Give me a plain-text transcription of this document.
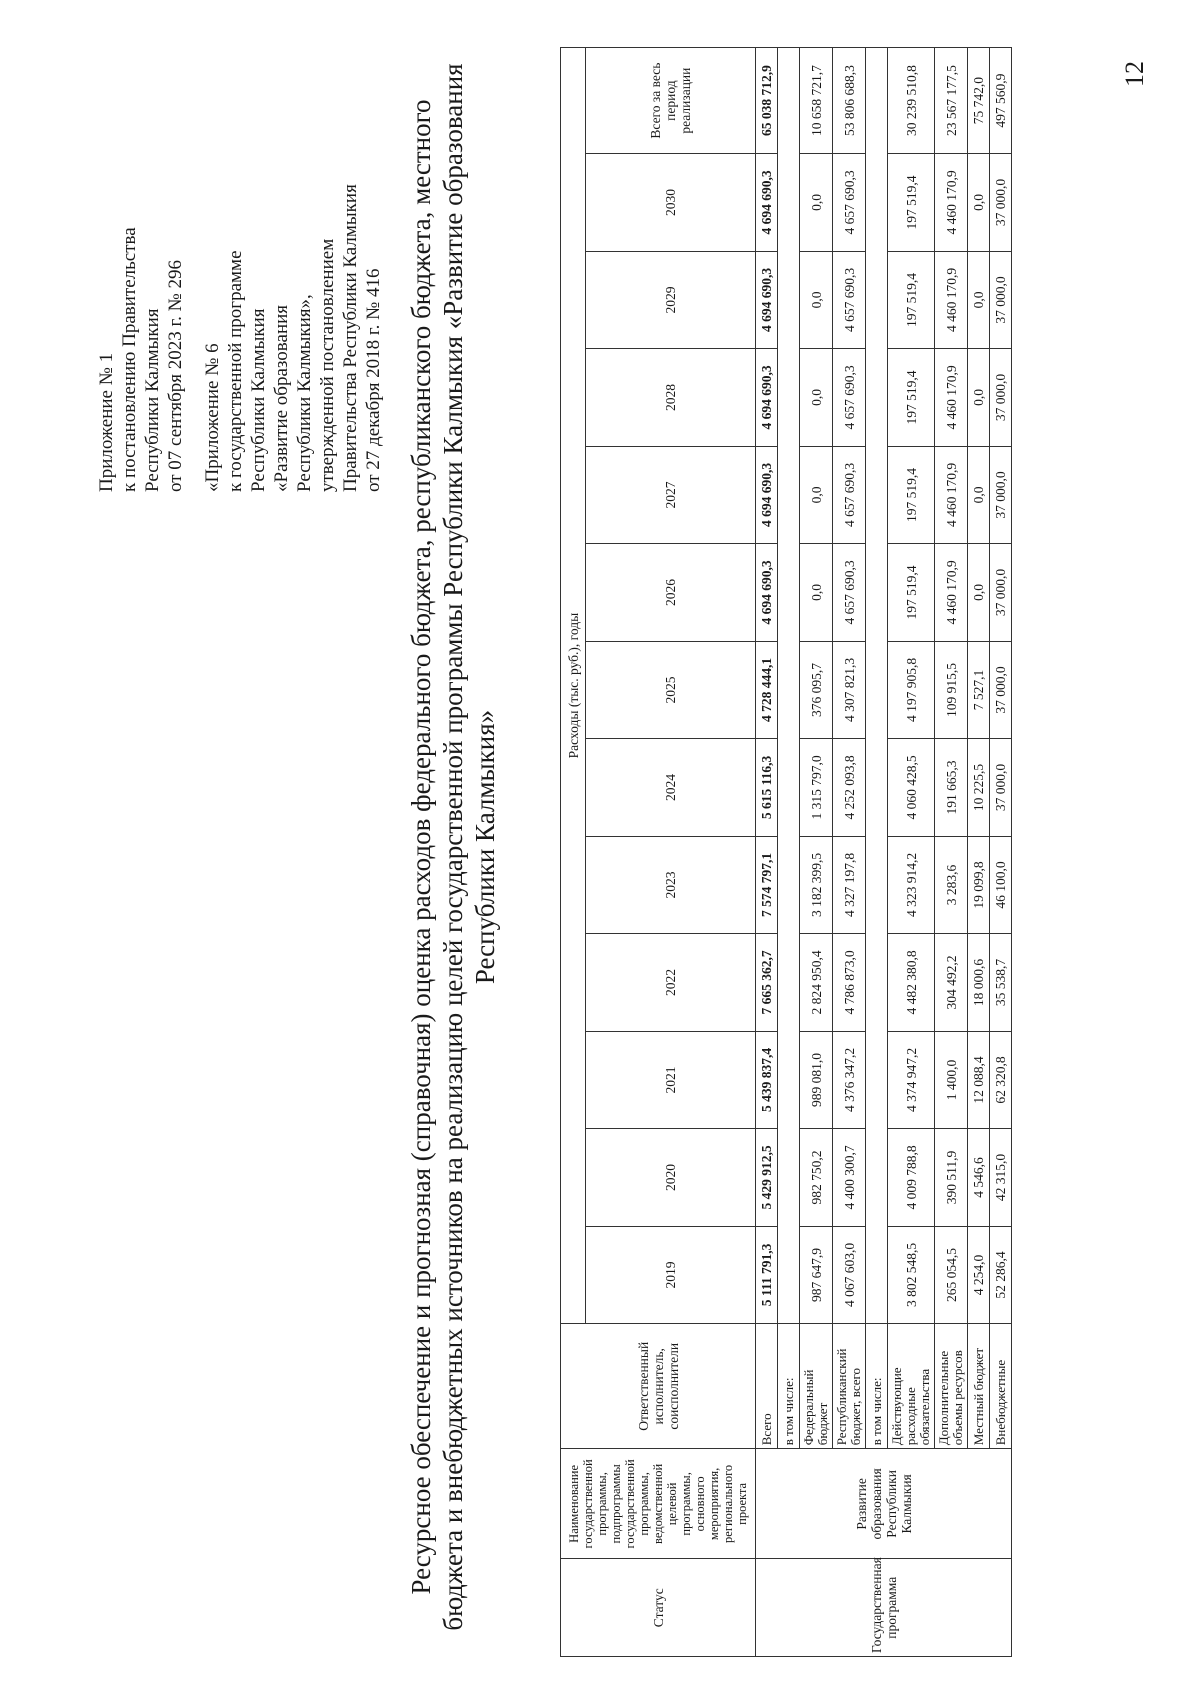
Приложение № 1 к постановлению Правительства Республики Калмыкия от 07 сентября 2023 г. № 296 «Приложение № 6 к государственной программе Республики Калмыкия «Развитие образования Республики Калмыкия», утвержденной постановлением Правительства Республики Калмыкия от 27 декабря 2018 г. № 416 Ресурсное обеспечение и прогнозная (справочная) оценка расходов федерального бюджета, республиканского бюджета, местного бюджета и внебюджетных источников на реализацию целей государственной программы Республики Калмыкия «Развитие образования Республики Калмыкия»
Статус	Наименование государственной программы, подпрограммы государственной программы, ведомственной целевой программы, основного мероприятия, регионального проекта	Ответственный исполнитель, соисполнители	Расходы (тыс. руб.), годы												
			2019	2020	2021	2022	2023	2024	2025	2026	2027	2028	2029	2030	Всего за весь период реализации
Государственная программа	Развитие образования Республики Калмыкия	Всего	5 111 791,3	5 429 912,5	5 439 837,4	7 665 362,7	7 574 797,1	5 615 116,3	4 728 444,1	4 694 690,3	4 694 690,3	4 694 690,3	4 694 690,3	4 694 690,3	65 038 712,9
		в том числе:													
		Федеральный бюджет	987 647,9	982 750,2	989 081,0	2 824 950,4	3 182 399,5	1 315 797,0	376 095,7	0,0	0,0	0,0	0,0	0,0	10 658 721,7
		Республиканский бюджет, всего	4 067 603,0	4 400 300,7	4 376 347,2	4 786 873,0	4 327 197,8	4 252 093,8	4 307 821,3	4 657 690,3	4 657 690,3	4 657 690,3	4 657 690,3	4 657 690,3	53 806 688,3
		в том числе:													
		Действующие расходные обязательства	3 802 548,5	4 009 788,8	4 374 947,2	4 482 380,8	4 323 914,2	4 060 428,5	4 197 905,8	197 519,4	197 519,4	197 519,4	197 519,4	197 519,4	30 239 510,8
		Дополнительные объемы ресурсов	265 054,5	390 511,9	1 400,0	304 492,2	3 283,6	191 665,3	109 915,5	4 460 170,9	4 460 170,9	4 460 170,9	4 460 170,9	4 460 170,9	23 567 177,5
		Местный бюджет	4 254,0	4 546,6	12 088,4	18 000,6	19 099,8	10 225,5	7 527,1	0,0	0,0	0,0	0,0	0,0	75 742,0
		Внебюджетные	52 286,4	42 315,0	62 320,8	35 538,7	46 100,0	37 000,0	37 000,0	37 000,0	37 000,0	37 000,0	37 000,0	37 000,0	497 560,9	12
